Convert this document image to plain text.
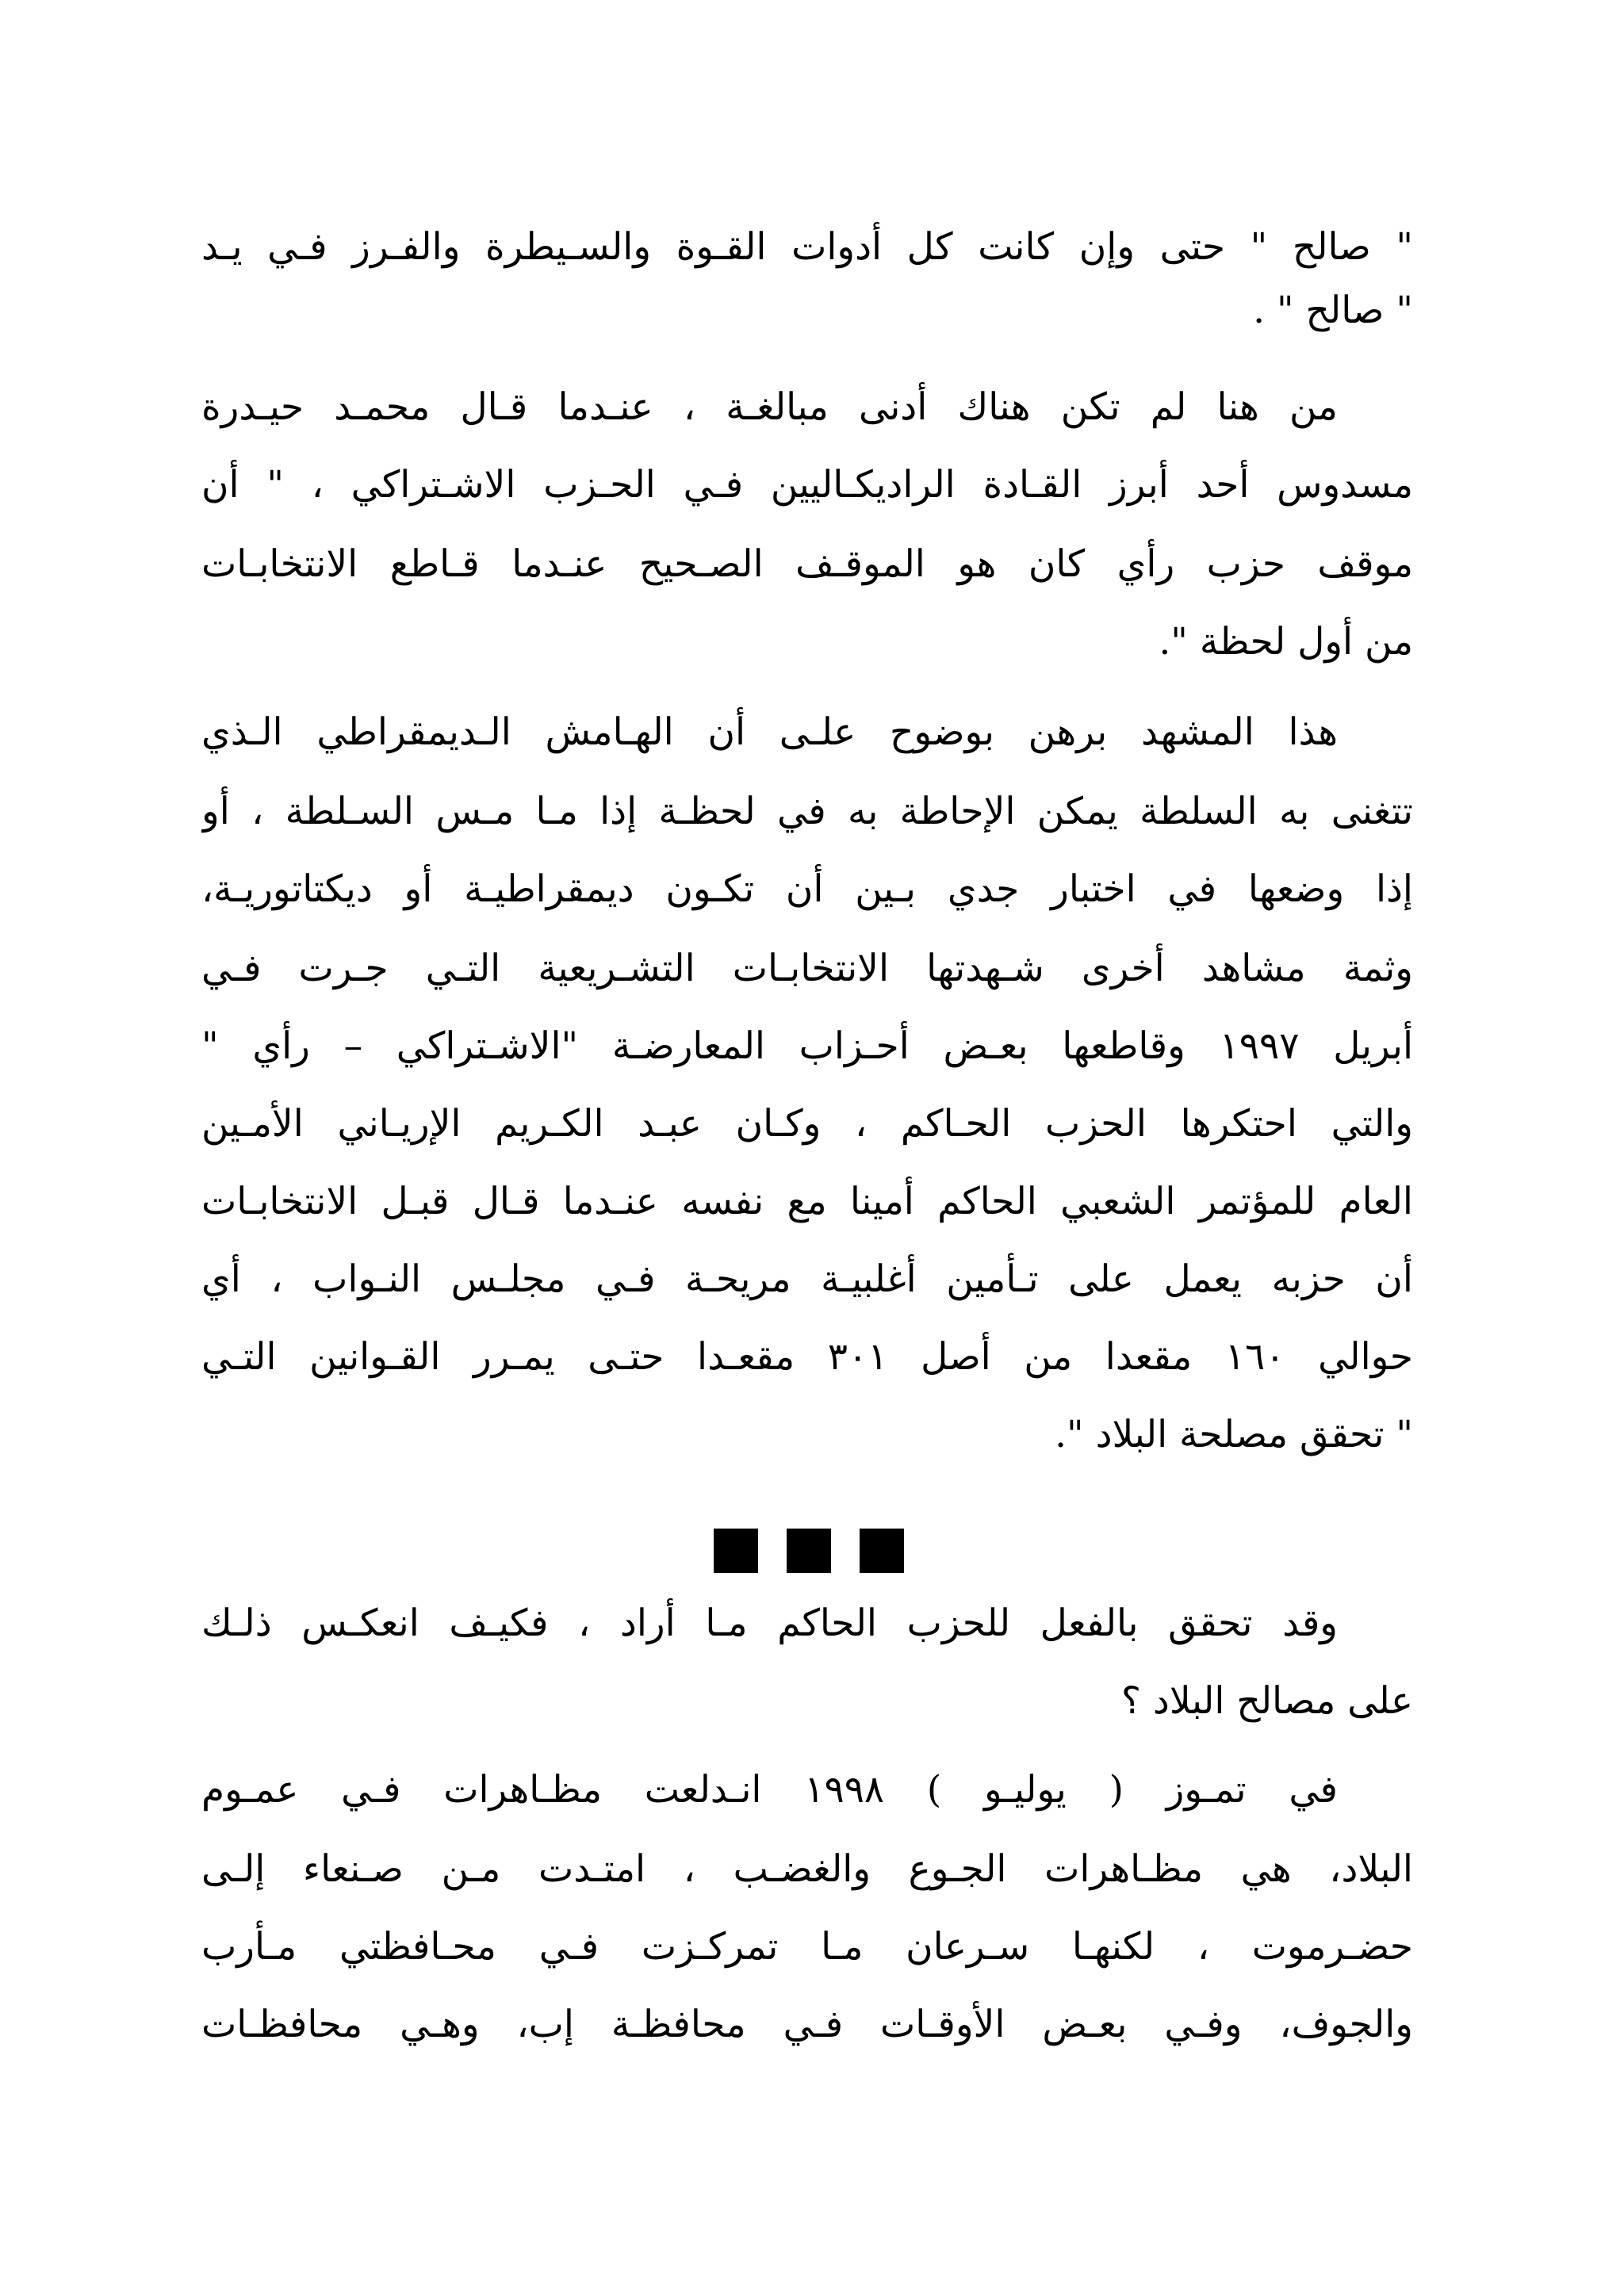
" صالح " حتى وإن كانت كل أدوات القـوة والسـيطرة والفـرز فـي يـد
" صالح " .
من هنا لم تكن هناك أدنى مبالغـة ، عنـدما قـال محمـد حيـدرة
مسدوس أحد أبرز القـادة الراديكـاليين فـي الحـزب الاشـتراكي ، " أن
موقف حزب رأي كان هو الموقـف الصـحيح عنـدما قـاطع الانتخابـات
من أول لحظة ".
هذا المشهد برهن بوضوح علـى أن الهـامش الـديمقراطي الـذي
تتغنى به السلطة يمكن الإحاطة به في لحظـة إذا مـا مـس السـلطة ، أو
إذا وضعها في اختبار جدي بـين أن تكـون ديمقراطيـة أو ديكتاتوريـة،
وثمة مشاهد أخرى شـهدتها الانتخابـات التشـريعية التـي جـرت فـي
أبريل ١٩٩٧ وقاطعها بعـض أحـزاب المعارضـة "الاشـتراكي – رأي "
والتي احتكرها الحزب الحـاكم ، وكـان عبـد الكـريم الإريـاني الأمـين
العام للمؤتمر الشعبي الحاكم أمينا مع نفسه عنـدما قـال قبـل الانتخابـات
أن حزبه يعمل على تـأمين أغلبيـة مريحـة فـي مجلـس النـواب ، أي
حوالي ١٦٠ مقعدا من أصل ٣٠١ مقعـدا حتـى يمـرر القـوانين التـي
" تحقق مصلحة البلاد ".
وقد تحقق بالفعل للحزب الحاكم مـا أراد ، فكيـف انعكـس ذلـك
على مصالح البلاد ؟
في تمـوز ( يوليـو ) ١٩٩٨ انـدلعت مظـاهرات فـي عمـوم
البلاد، هي مظـاهرات الجـوع والغضـب ، امتـدت مـن صـنعاء إلـى
حضـرموت ، لكنهـا سـرعان مـا تمركـزت فـي محـافظتي مـأرب
والجوف، وفـي بعـض الأوقـات فـي محافظـة إب، وهـي محافظـات
